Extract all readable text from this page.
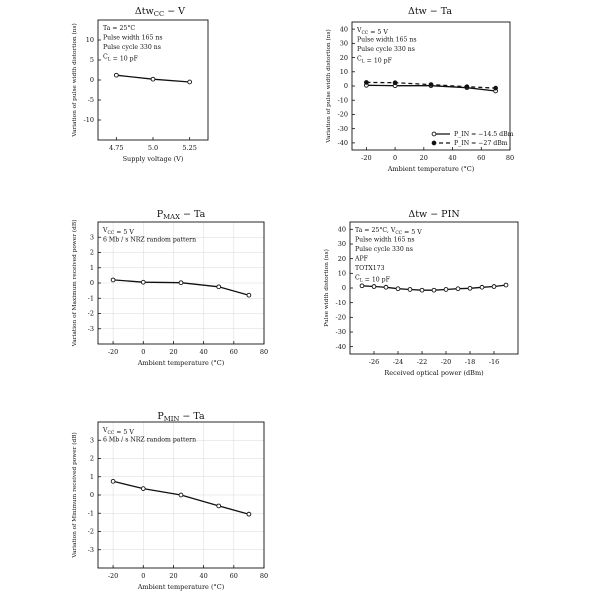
Δtw$_{CC}$ − V
4.75	5.0	5.25
10
5
0
-5
-10
Supply voltage (V)
Variation of pulse width distortion (ns)	Ta = 25°C
Pulse width 165 ns
Pulse cycle 330 ns
$C_L = 10$ pF
Δtw − Ta
-20	0	20	40	60	80
40
30
20
10
0
-10
-20
-30
-40
Ambient temperature (°C)
Variation of pulse width distortion (ns)	$V_{CC} = 5$ V
Pulse width 165 ns
Pulse cycle 330 ns
$C_L = 10$ pF
P_IN = −14.5 dBm
P_IN = −27 dBm
$P_{MAX} - Ta$
-20	0	20	40	60	80
3
2
1
0
-1
-2
-3
Ambient temperature (°C)
Variation of Maximum received power (dB)	$V_{CC} = 5$ V
6 Mb / s NRZ random pattern
Δtw − PIN
-26 -24 -22 -20 -18 -16
40
30
20
10
0
-10
-20
-30
-40
Received optical power (dBm)
Pulse width distortion (ns)
Ta = 25°C, $V_{CC} = 5$ V
Pulse width 165 ns
Pulse cycle 330 ns
APF
TOTX173
$C_L = 10$ pF
$P_{MIN} - Ta$
-20	0	20	40	60	80
3
2
1
0
-1
-2
-3
Ambient temperature (°C)
Variation of Minimum received power (dB)
$V_{CC} = 5$ V
6 Mb / s NRZ random pattern
